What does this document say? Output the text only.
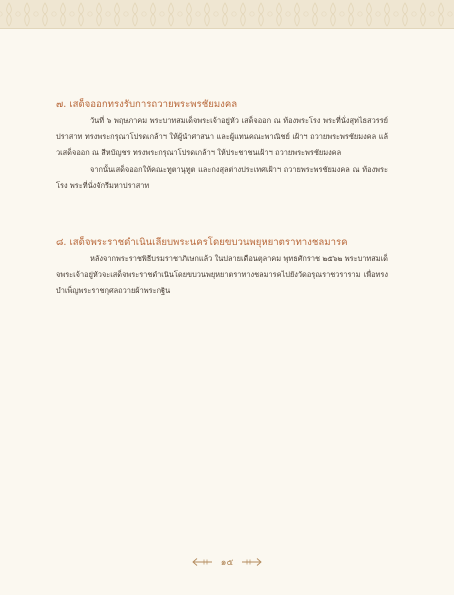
๗. เสด็จออกทรงรับการถวายพระพรชัยมงคล

วันที่ ๖ พฤษภาคม พระบาทสมเด็จพระเจ้าอยู่หัว เสด็จออก ณ ท้องพระโรง พระที่นั่งสุทไธสวรรย์ปราสาท ทรงพระกรุณาโปรดเกล้าฯ ให้ผู้นำศาสนา และผู้แทนคณะพาณิชย์ เฝ้าฯ ถวายพระพรชัยมงคล แล้วเสด็จออก ณ สีหบัญชร ทรงพระกรุณาโปรดเกล้าฯ ให้ประชาชนเฝ้าฯ ถวายพระพรชัยมงคล

จากนั้นเสด็จออกให้คณะทูตานุทูต และกงสุลต่างประเทศเฝ้าฯ ถวายพระพรชัยมงคล ณ ท้องพระโรง พระที่นั่งจักรีมหาปราสาท

๘. เสด็จพระราชดำเนินเลียบพระนครโดยขบวนพยุหยาตราทางชลมารค

หลังจากพระราชพิธีบรมราชาภิเษกแล้ว ในปลายเดือนตุลาคม พุทธศักราช ๒๕๖๒ พระบาทสมเด็จพระเจ้าอยู่หัวจะเสด็จพระราชดำเนินโดยขบวนพยุหยาตราทางชลมารคไปยังวัดอรุณราชวราราม เพื่อทรงบำเพ็ญพระราชกุศลถวายผ้าพระกฐิน

๑๕
